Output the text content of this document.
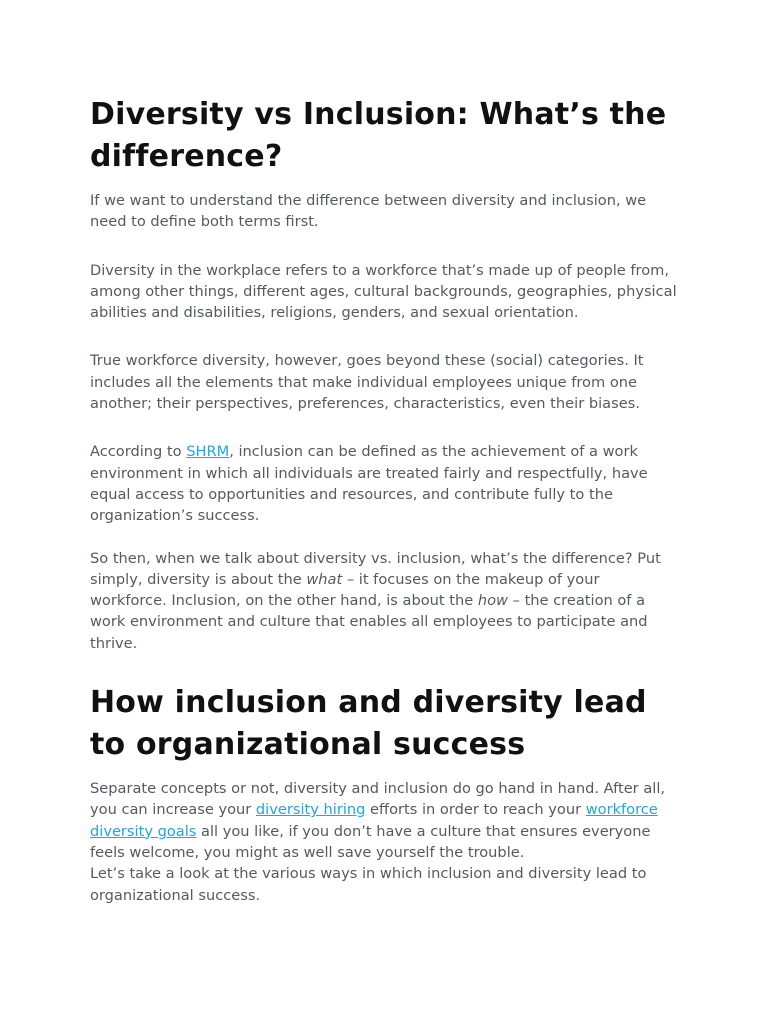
Diversity vs Inclusion: What’s the difference?

If we want to understand the difference between diversity and inclusion, we need to define both terms first.

Diversity in the workplace refers to a workforce that’s made up of people from, among other things, different ages, cultural backgrounds, geographies, physical abilities and disabilities, religions, genders, and sexual orientation.

True workforce diversity, however, goes beyond these (social) categories. It includes all the elements that make individual employees unique from one another; their perspectives, preferences, characteristics, even their biases.

According to SHRM, inclusion can be defined as the achievement of a work environment in which all individuals are treated fairly and respectfully, have equal access to opportunities and resources, and contribute fully to the organization’s success.

So then, when we talk about diversity vs. inclusion, what’s the difference? Put simply, diversity is about the what – it focuses on the makeup of your workforce. Inclusion, on the other hand, is about the how – the creation of a work environment and culture that enables all employees to participate and thrive.

How inclusion and diversity lead to organizational success

Separate concepts or not, diversity and inclusion do go hand in hand. After all, you can increase your diversity hiring efforts in order to reach your workforce diversity goals all you like, if you don’t have a culture that ensures everyone feels welcome, you might as well save yourself the trouble.

Let’s take a look at the various ways in which inclusion and diversity lead to organizational success.
